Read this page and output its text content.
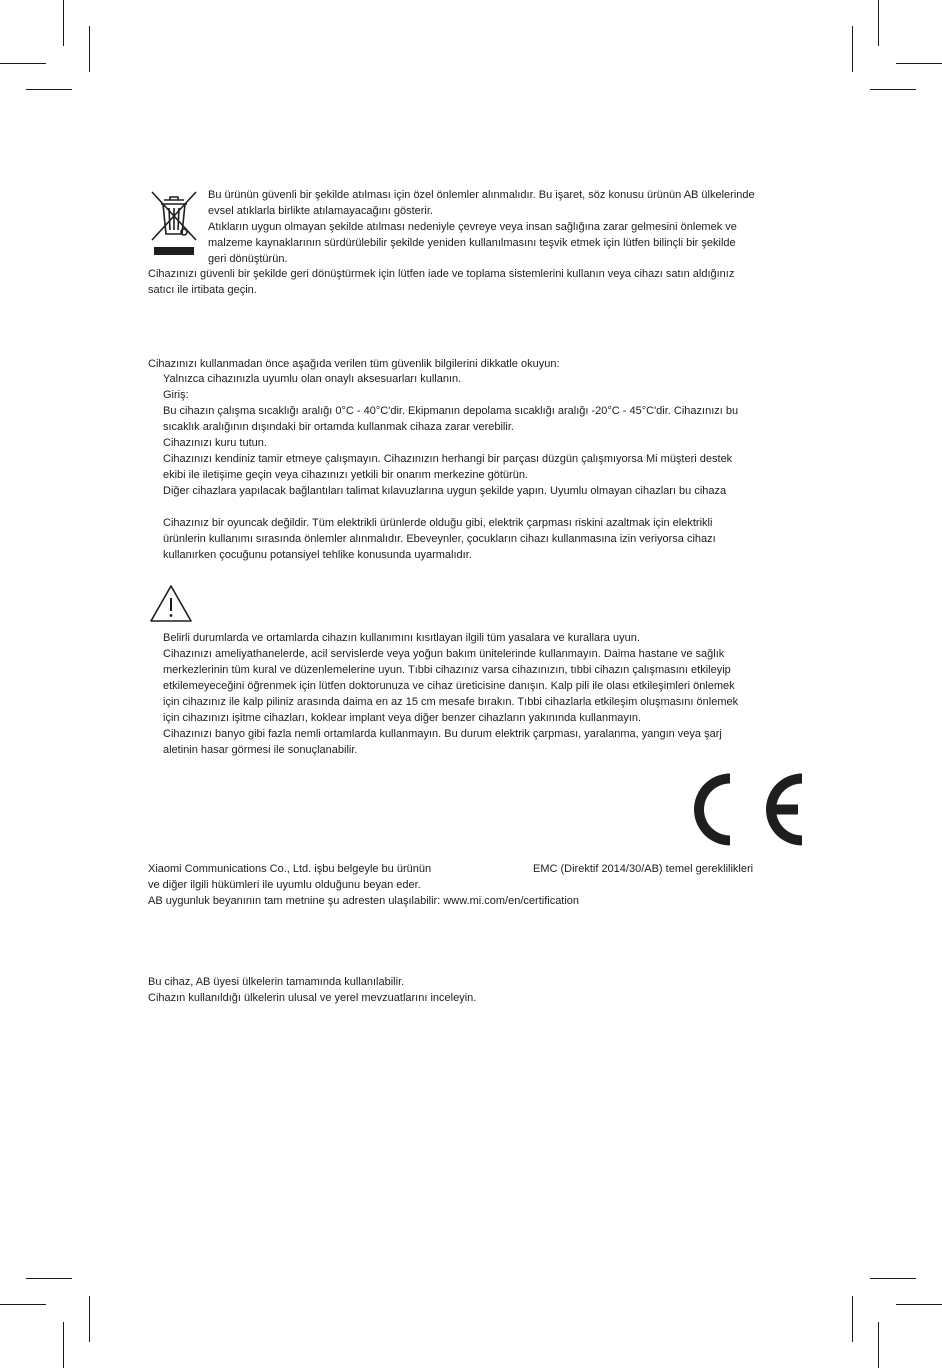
Bu ürünün güvenli bir şekilde atılması için özel önlemler alınmalıdır. Bu işaret, söz konusu ürünün AB ülkelerinde
evsel atıklarla birlikte atılamayacağını gösterir.
Atıkların uygun olmayan şekilde atılması nedeniyle çevreye veya insan sağlığına zarar gelmesini önlemek ve
malzeme kaynaklarının sürdürülebilir şekilde yeniden kullanılmasını teşvik etmek için lütfen bilinçli bir şekilde
geri dönüştürün.
Cihazınızı güvenli bir şekilde geri dönüştürmek için lütfen iade ve toplama sistemlerini kullanın veya cihazı satın aldığınız
satıcı ile irtibata geçin.
Cihazınızı kullanmadan önce aşağıda verilen tüm güvenlik bilgilerini dikkatle okuyun:
Yalnızca cihazınızla uyumlu olan onaylı aksesuarları kullanın.
Giriş:
Bu cihazın çalışma sıcaklığı aralığı 0°C - 40°C'dir. Ekipmanın depolama sıcaklığı aralığı -20°C - 45°C'dir. Cihazınızı bu
sıcaklık aralığının dışındaki bir ortamda kullanmak cihaza zarar verebilir.
Cihazınızı kuru tutun.
Cihazınızı kendiniz tamir etmeye çalışmayın. Cihazınızın herhangi bir parçası düzgün çalışmıyorsa Mi müşteri destek
ekibi ile iletişime geçin veya cihazınızı yetkili bir onarım merkezine götürün.
Diğer cihazlara yapılacak bağlantıları talimat kılavuzlarına uygun şekilde yapın. Uyumlu olmayan cihazları bu cihaza
Cihazınız bir oyuncak değildir. Tüm elektrikli ürünlerde olduğu gibi, elektrik çarpması riskini azaltmak için elektrikli
ürünlerin kullanımı sırasında önlemler alınmalıdır. Ebeveynler, çocukların cihazı kullanmasına izin veriyorsa cihazı
kullanırken çocuğunu potansiyel tehlike konusunda uyarmalıdır.
Belirli durumlarda ve ortamlarda cihazın kullanımını kısıtlayan ilgili tüm yasalara ve kurallara uyun.
Cihazınızı ameliyathanelerde, acil servislerde veya yoğun bakım ünitelerinde kullanmayın. Daima hastane ve sağlık
merkezlerinin tüm kural ve düzenlemelerine uyun. Tıbbi cihazınız varsa cihazınızın, tıbbi cihazın çalışmasını etkileyip
etkilemeyeceğini öğrenmek için lütfen doktorunuza ve cihaz üreticisine danışın. Kalp pili ile olası etkileşimleri önlemek
için cihazınız ile kalp piliniz arasında daima en az 15 cm mesafe bırakın. Tıbbi cihazlarla etkileşim oluşmasını önlemek
için cihazınızı işitme cihazları, koklear implant veya diğer benzer cihazların yakınında kullanmayın.
Cihazınızı banyo gibi fazla nemli ortamlarda kullanmayın. Bu durum elektrik çarpması, yaralanma, yangın veya şarj
aletinin hasar görmesi ile sonuçlanabilir.
Xiaomi Communications Co., Ltd. işbu belgeyle bu ürünün	EMC (Direktif 2014/30/AB) temel gereklilikleri
ve diğer ilgili hükümleri ile uyumlu olduğunu beyan eder.
AB uygunluk beyanının tam metnine şu adresten ulaşılabilir: www.mi.com/en/certification
Bu cihaz, AB üyesi ülkelerin tamamında kullanılabilir.
Cihazın kullanıldığı ülkelerin ulusal ve yerel mevzuatlarını inceleyin.
